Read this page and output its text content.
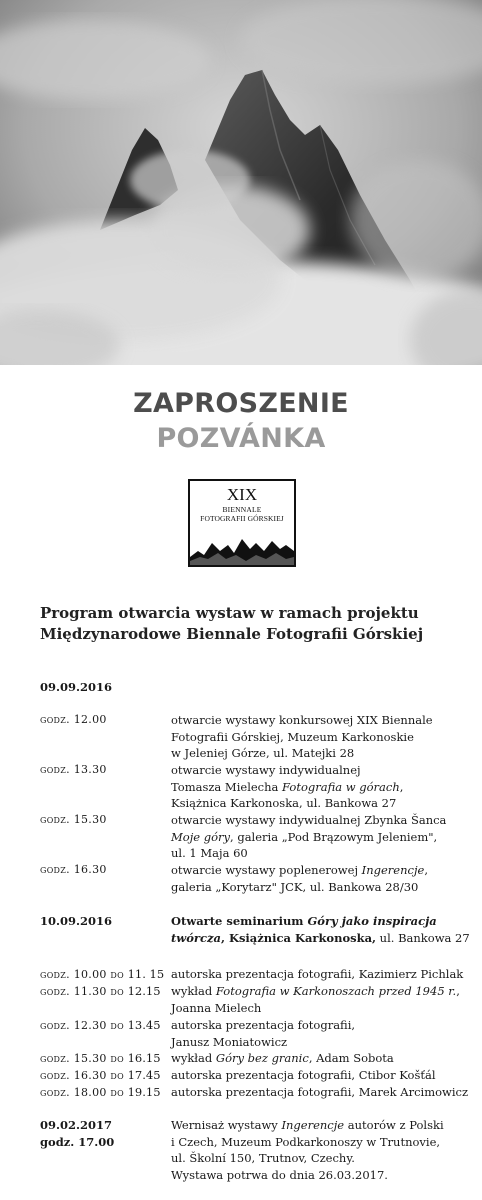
ZAPROSZENIE
POZVÁNKA
XIX
BIENNALE
FOTOGRAFII GÓRSKIEJ
Program otwarcia wystaw w ramach projektu
Międzynarodowe Biennale Fotografii Górskiej
09.09.2016
godz. 12.00	otwarcie wystawy konkursowej XIX Biennale
Fotografii Górskiej, Muzeum Karkonoskie
w Jeleniej Górze, ul. Matejki 28
godz. 13.30	otwarcie wystawy indywidualnej
Tomasza Mielecha Fotografia w górach,
Książnica Karkonoska, ul. Bankowa 27
godz. 15.30	otwarcie wystawy indywidualnej Zbynka Šanca
Moje góry, galeria „Pod Brązowym Jeleniem",
ul. 1 Maja 60
godz. 16.30	otwarcie wystawy poplenerowej Ingerencje,
galeria „Korytarz" JCK, ul. Bankowa 28/30
10.09.2016	Otwarte seminarium Góry jako inspiracja
twórcza, Książnica Karkonoska, ul. Bankowa 27
godz. 10.00 do 11. 15 autorska prezentacja fotografii, Kazimierz Pichlak
godz. 11.30 do 12.15 wykład Fotografia w Karkonoszach przed 1945 r.,
Joanna Mielech
godz. 12.30 do 13.45 autorska prezentacja fotografii,
Janusz Moniatowicz
godz. 15.30 do 16.15 wykład Góry bez granic, Adam Sobota
godz. 16.30 do 17.45 autorska prezentacja fotografii, Ctibor Košťál
godz. 18.00 do 19.15 autorska prezentacja fotografii, Marek Arcimowicz
09.02.2017
godz. 17.00
Wernisaż wystawy Ingerencje autorów z Polski
i Czech, Muzeum Podkarkonoszy w Trutnovie,
ul. Školní 150, Trutnov, Czechy.
Wystawa potrwa do dnia 26.03.2017.
